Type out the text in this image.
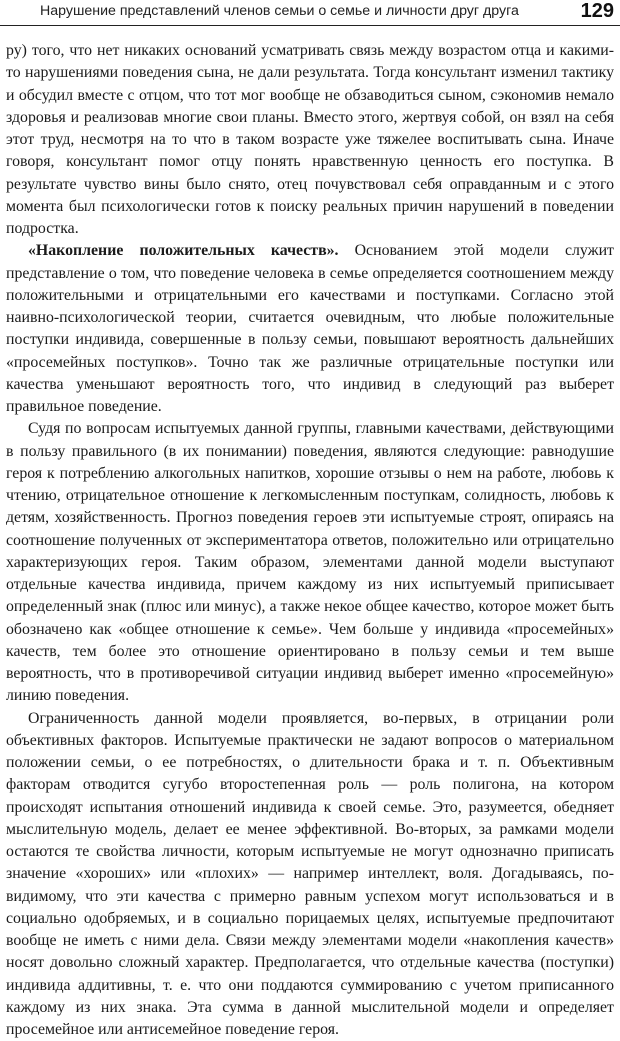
Нарушение представлений членов семьи о семье и личности друг друга	129

ру) того, что нет никаких оснований усматривать связь между возрастом отца и какими-то нарушениями поведения сына, не дали результата. Тогда консультант изменил тактику и обсудил вместе с отцом, что тот мог вообще не обзаводиться сыном, сэкономив немало здоровья и реализовав многие свои планы. Вместо этого, жертвуя собой, он взял на себя этот труд, несмотря на то что в таком возрасте уже тяжелее воспитывать сына. Иначе говоря, консультант помог отцу понять нравственную ценность его поступка. В результате чувство вины было снято, отец почувствовал себя оправданным и с этого момента был психологически готов к поиску реальных причин нарушений в поведении подростка.

«Накопление положительных качеств». Основанием этой модели служит представление о том, что поведение человека в семье определяется соотношением между положительными и отрицательными его качествами и поступками. Согласно этой наивно-психологической теории, считается очевидным, что любые положительные поступки индивида, совершенные в пользу семьи, повышают вероятность дальнейших «просемейных поступков». Точно так же различные отрицательные поступки или качества уменьшают вероятность того, что индивид в следующий раз выберет правильное поведение.

Судя по вопросам испытуемых данной группы, главными качествами, действующими в пользу правильного (в их понимании) поведения, являются следующие: равнодушие героя к потреблению алкогольных напитков, хорошие отзывы о нем на работе, любовь к чтению, отрицательное отношение к легкомысленным поступкам, солидность, любовь к детям, хозяйственность. Прогноз поведения героев эти испытуемые строят, опираясь на соотношение полученных от экспериментатора ответов, положительно или отрицательно характеризующих героя. Таким образом, элементами данной модели выступают отдельные качества индивида, причем каждому из них испытуемый приписывает определенный знак (плюс или минус), а также некое общее качество, которое может быть обозначено как «общее отношение к семье». Чем больше у индивида «просемейных» качеств, тем более это отношение ориентировано в пользу семьи и тем выше вероятность, что в противоречивой ситуации индивид выберет именно «просемейную» линию поведения.

Ограниченность данной модели проявляется, во-первых, в отрицании роли объективных факторов. Испытуемые практически не задают вопросов о материальном положении семьи, о ее потребностях, о длительности брака и т. п. Объективным факторам отводится сугубо второстепенная роль — роль полигона, на котором происходят испытания отношений индивида к своей семье. Это, разумеется, обедняет мыслительную модель, делает ее менее эффективной. Во-вторых, за рамками модели остаются те свойства личности, которым испытуемые не могут однозначно приписать значение «хороших» или «плохих» — например интеллект, воля. Догадываясь, по-видимому, что эти качества с примерно равным успехом могут использоваться и в социально одобряемых, и в социально порицаемых целях, испытуемые предпочитают вообще не иметь с ними дела. Связи между элементами модели «накопления качеств» носят довольно сложный характер. Предполагается, что отдельные качества (поступки) индивида аддитивны, т. е. что они поддаются суммированию с учетом приписанного каждому из них знака. Эта сумма в данной мыслительной модели и определяет просемейное или антисемейное поведение героя.
